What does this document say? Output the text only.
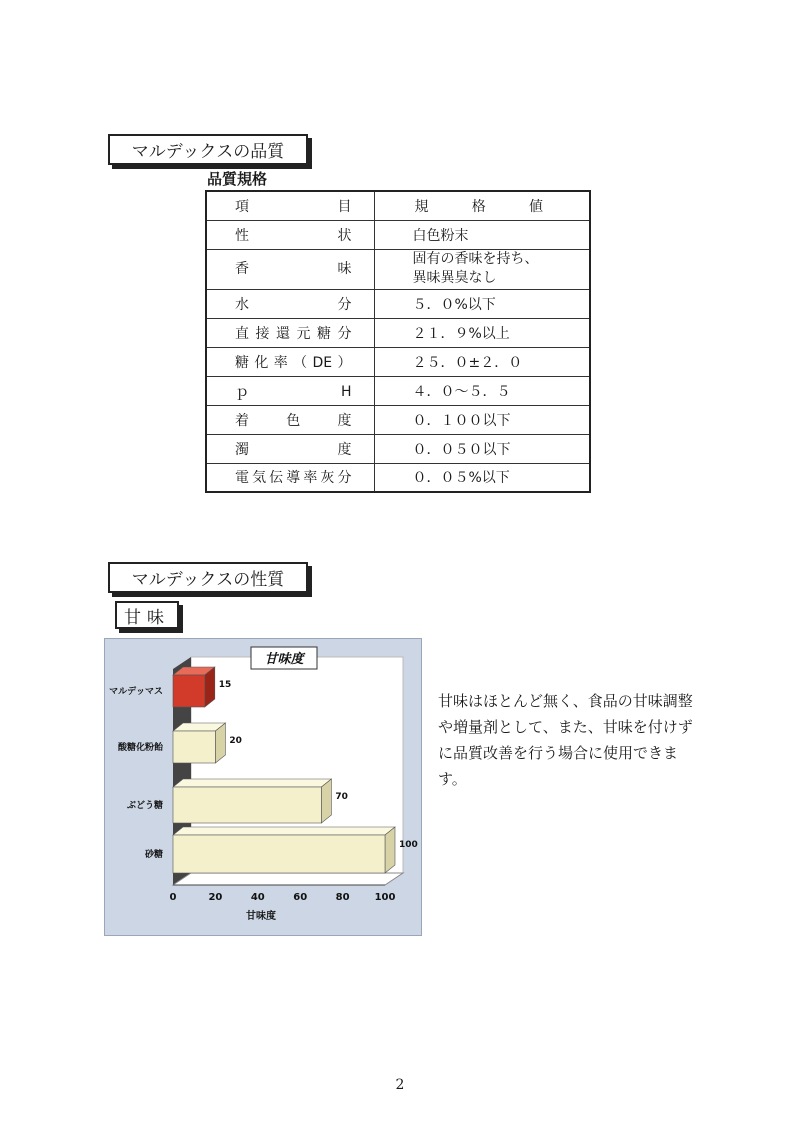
マルデックスの品質
品質規格
項目	規格値
性状	白色粉末
香味	固有の香味を持ち、
異味異臭なし
水分	５．０%以下
直接還元糖分	２１．９%以上
糖化率（DE）	２５．０±２．０
ｐH	４．０〜５．５
着色度	０．１００以下
濁度	０．０５０以下
電気伝導率灰分	０．０５%以下
マルデックスの性質
甘味
甘味度
15
マルデッマス
20
酸糖化粉飴
70
ぶどう糖
100
砂糖
0	20	40	60	80	100
甘味度
甘味はほとんど無く、食品の甘味調整や増量剤として、また、甘味を付けずに品質改善を行う場合に使用できます。
2
